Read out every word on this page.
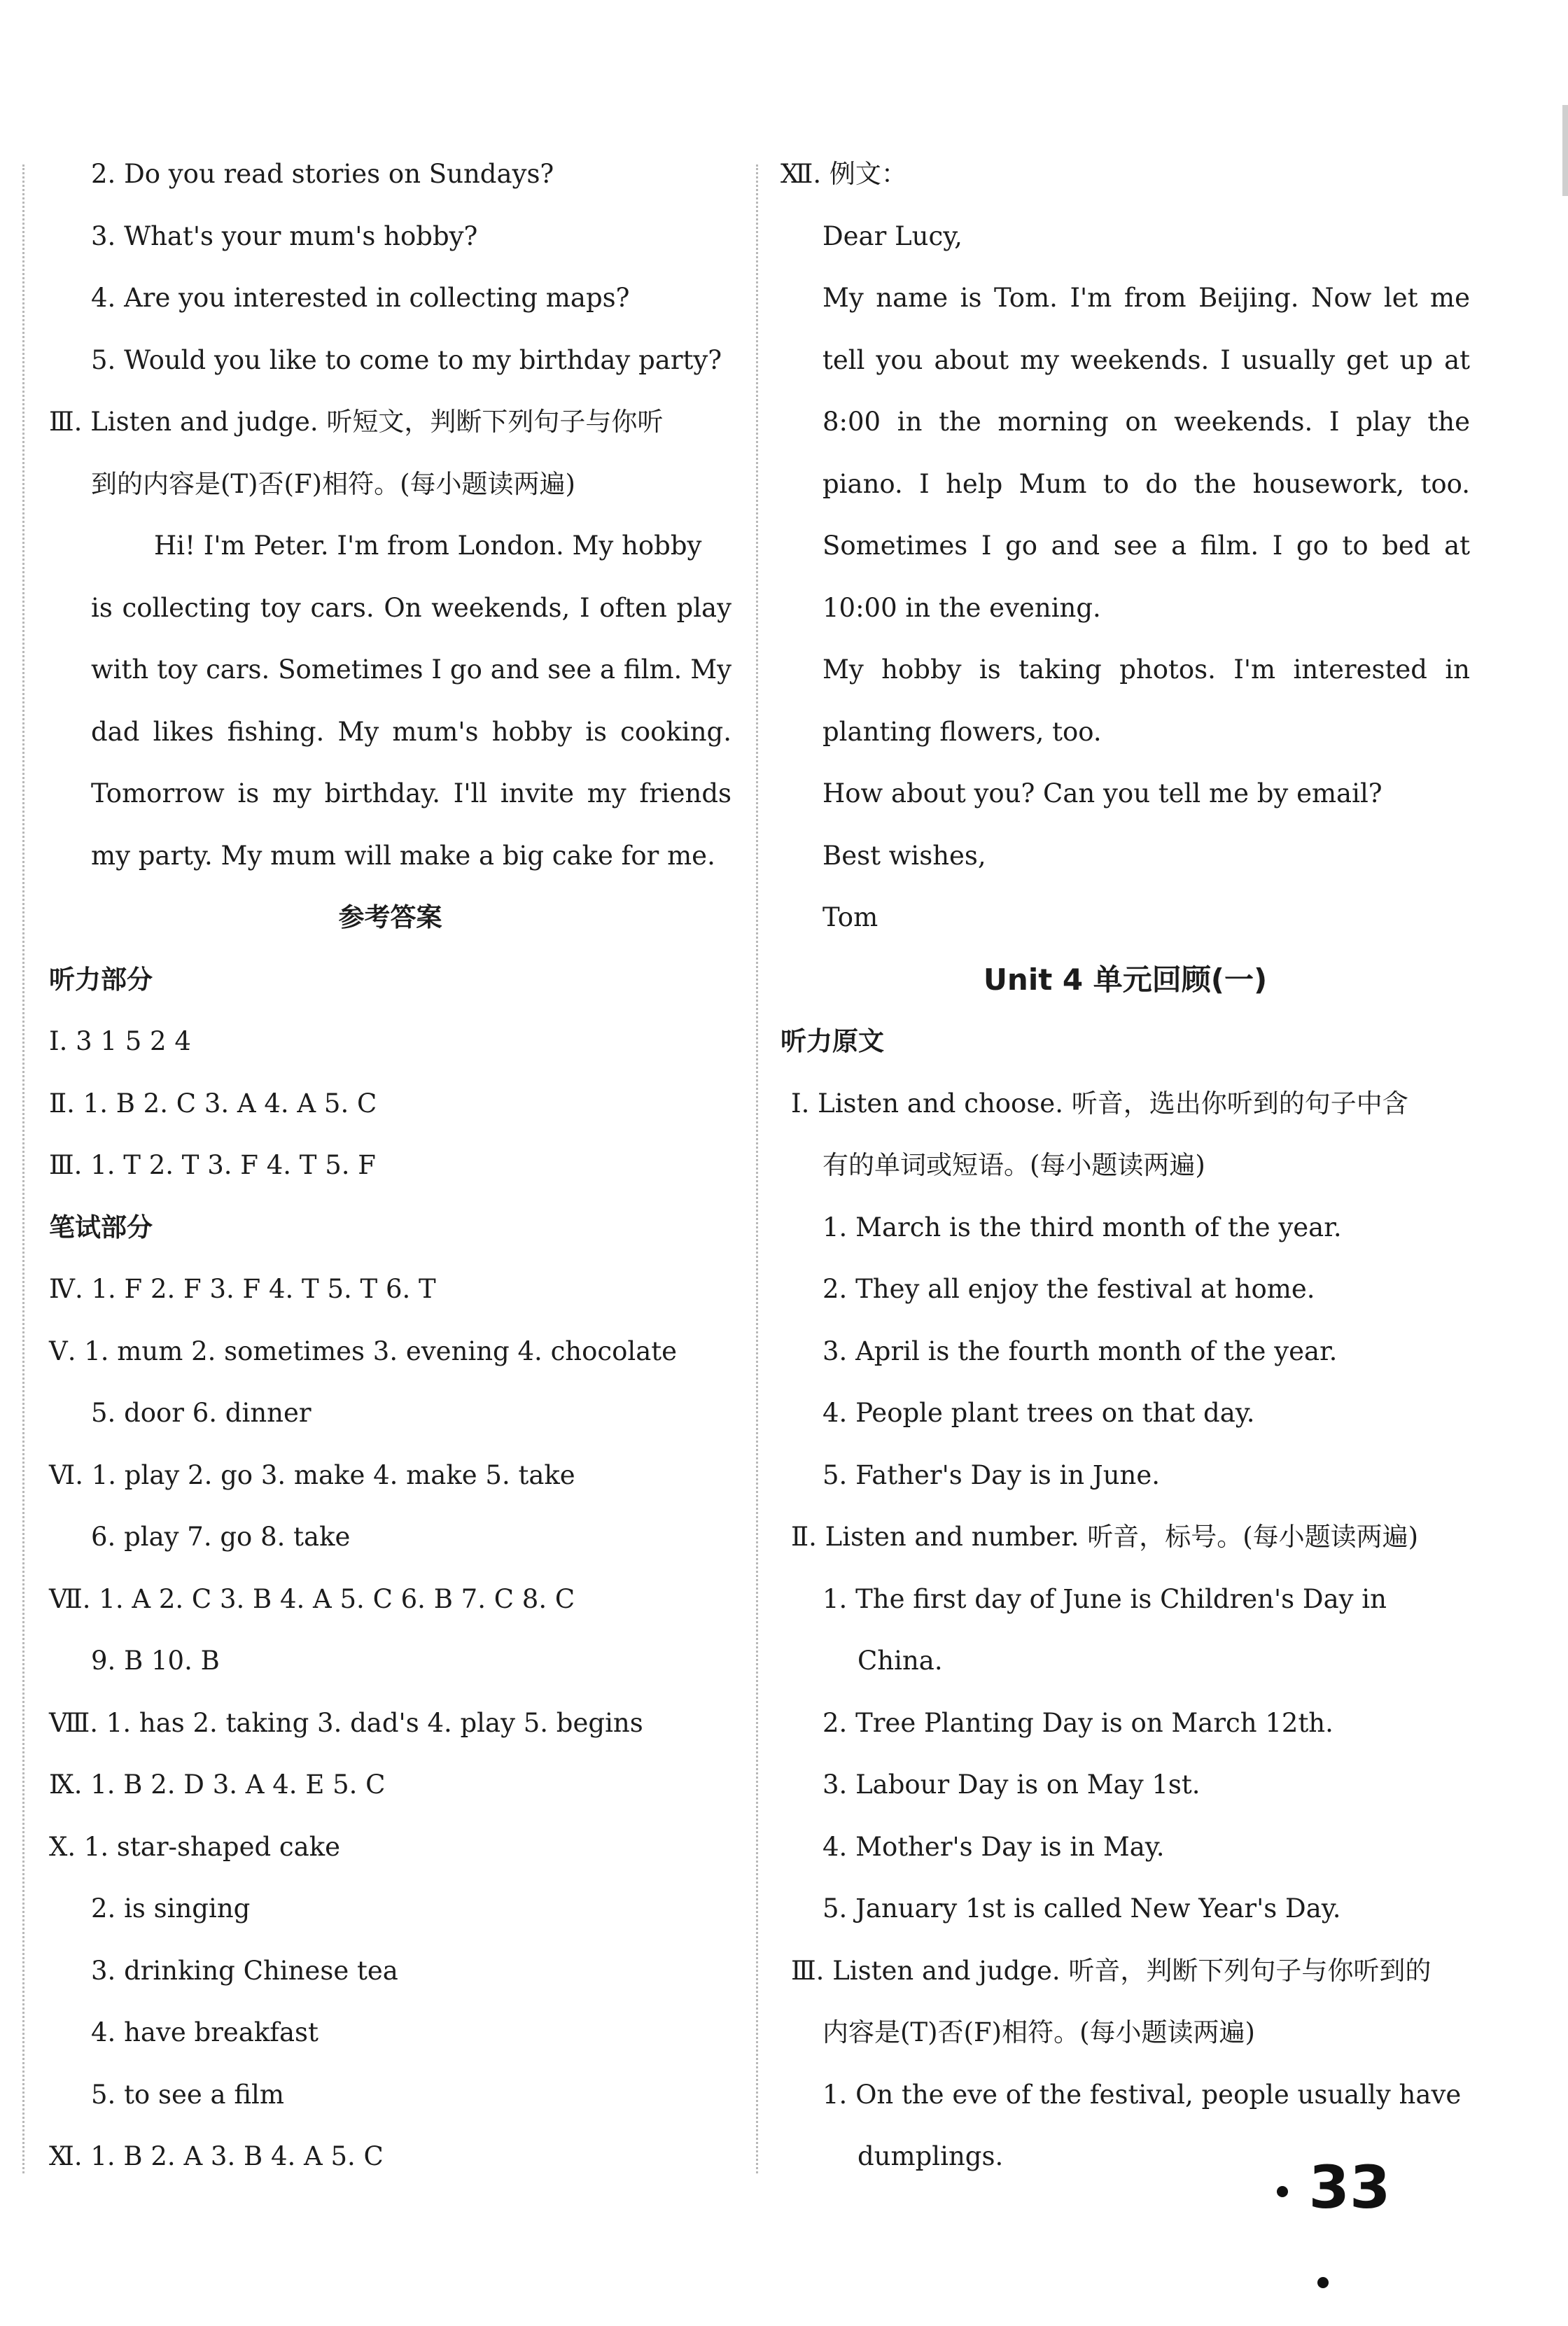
2. Do you read stories on Sundays?
3. What's your mum's hobby?
4. Are you interested in collecting maps?
5. Would you like to come to my birthday party?
Ⅲ. Listen and judge. 听短文，判断下列句子与你听
到的内容是(T)否(F)相符。(每小题读两遍)
Hi! I'm Peter. I'm from London. My hobby
is collecting toy cars. On weekends, I often play
with toy cars. Sometimes I go and see a film. My
dad likes fishing. My mum's hobby is cooking.
Tomorrow is my birthday. I'll invite my friends
my party. My mum will make a big cake for me.
参考答案
听力部分
Ⅰ. 3 1 5 2 4
Ⅱ. 1. B 2. C 3. A 4. A 5. C
Ⅲ. 1. T 2. T 3. F 4. T 5. F
笔试部分
Ⅳ. 1. F 2. F 3. F 4. T 5. T 6. T
Ⅴ. 1. mum 2. sometimes 3. evening 4. chocolate
5. door 6. dinner
Ⅵ. 1. play 2. go 3. make 4. make 5. take
6. play 7. go 8. take
Ⅶ. 1. A 2. C 3. B 4. A 5. C 6. B 7. C 8. C
9. B 10. B
Ⅷ. 1. has 2. taking 3. dad's 4. play 5. begins
Ⅸ. 1. B 2. D 3. A 4. E 5. C
Ⅹ. 1. star-shaped cake
2. is singing
3. drinking Chinese tea
4. have breakfast
5. to see a film
Ⅺ. 1. B 2. A 3. B 4. A 5. C
Ⅻ. 例文：
Dear Lucy,
My name is Tom. I'm from Beijing. Now let me
tell you about my weekends. I usually get up at
8:00 in the morning on weekends. I play the
piano. I help Mum to do the housework, too.
Sometimes I go and see a film. I go to bed at
10:00 in the evening.
My hobby is taking photos. I'm interested in
planting flowers, too.
How about you? Can you tell me by email?
Best wishes,
Tom
Unit 4 单元回顾(一)
听力原文
Ⅰ. Listen and choose. 听音，选出你听到的句子中含
有的单词或短语。(每小题读两遍)
1. March is the third month of the year.
2. They all enjoy the festival at home.
3. April is the fourth month of the year.
4. People plant trees on that day.
5. Father's Day is in June.
Ⅱ. Listen and number. 听音，标号。(每小题读两遍)
1. The first day of June is Children's Day in
China.
2. Tree Planting Day is on March 12th.
3. Labour Day is on May 1st.
4. Mother's Day is in May.
5. January 1st is called New Year's Day.
Ⅲ. Listen and judge. 听音，判断下列句子与你听到的
内容是(T)否(F)相符。(每小题读两遍)
1. On the eve of the festival, people usually have
dumplings.	33
